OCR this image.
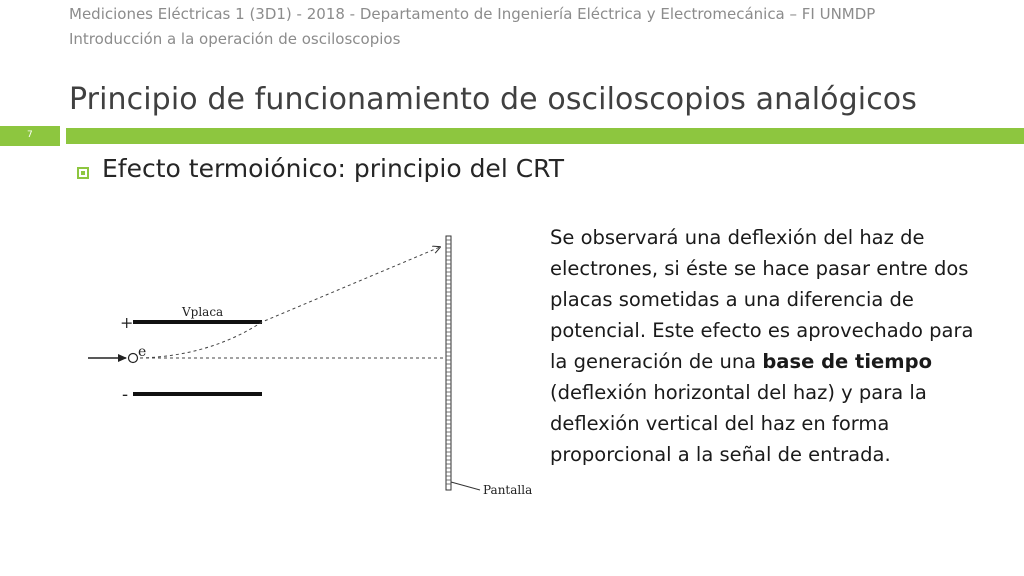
Mediciones Eléctricas 1 (3D1) - 2018 - Departamento de Ingeniería Eléctrica y Electromecánica – FI UNMDP
Introducción a la operación de osciloscopios
Principio de funcionamiento de osciloscopios analógicos
7
Efecto termoiónico: principio del CRT
Vplaca
+
-
e
Pantalla

Se observará una deflexión del haz de electrones, si éste se hace pasar entre dos placas sometidas a una diferencia de potencial. Este efecto es aprovechado para la generación de una base de tiempo (deflexión horizontal del haz) y para la deflexión vertical del haz en forma proporcional a la señal de entrada.
